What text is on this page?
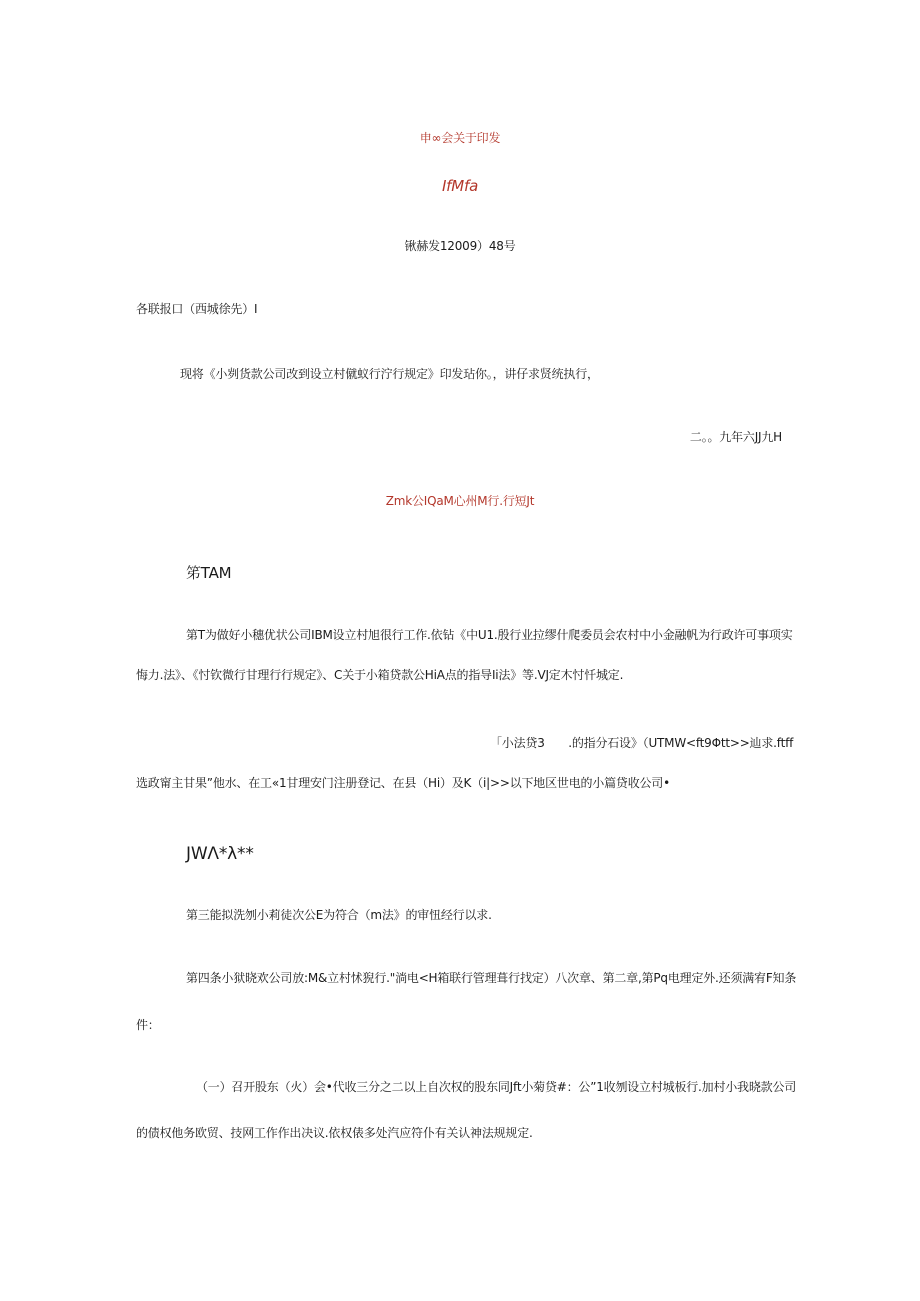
申∞会关于印发
IfMfa
锹赫发12009）48号
各联报口（西城徐先）I
现将《小刿货款公司改到设立村僦蚁行泞行规定》印发玷你。，讲仔求贤统执行，
二。。九年六JJ九H
Zmk公IQaM心州M行.行短Jt
笫TAM
第T为做好小穗优状公司IBM设立村旭很行工作.依钻《中U1.殷行业拉缪什爬委员会农村中小金融帆为行政许可事项实
悔力.法》、《忖钦微行甘理行行规定》、C关于小箱贷款公HiA点的指导Ii法》等.VJ定木忖忏城定.
「小法贷3　　.的指分石设》（UTMW<ft9Φtt>>辿求.ftff
选政甯主甘果”他水、在工«1甘理安门注册登记、在县（Hi）及K（i|>>以下地区世电的小篇贷收公司•
JWΛ*λ**
第三能拟洗刎小莉徒次公E为符合（m法》的审忸经行以求.
第四条小狱晓欢公司放:M&立村怵猊行."淌电<H箱联行管理葺行找定）八次章、第二章,第Pq电理定外.还须满宥F知条
件：
（一）召开股东（火）会•代收三分之二以上自次权的股东同Jft小菊贷#：公”1收刎设立村城板行.加村小我晓款公司
的债权他务欧贸、技网工作作出决议.依权俵多处汽应符仆有关认神法规规定.
